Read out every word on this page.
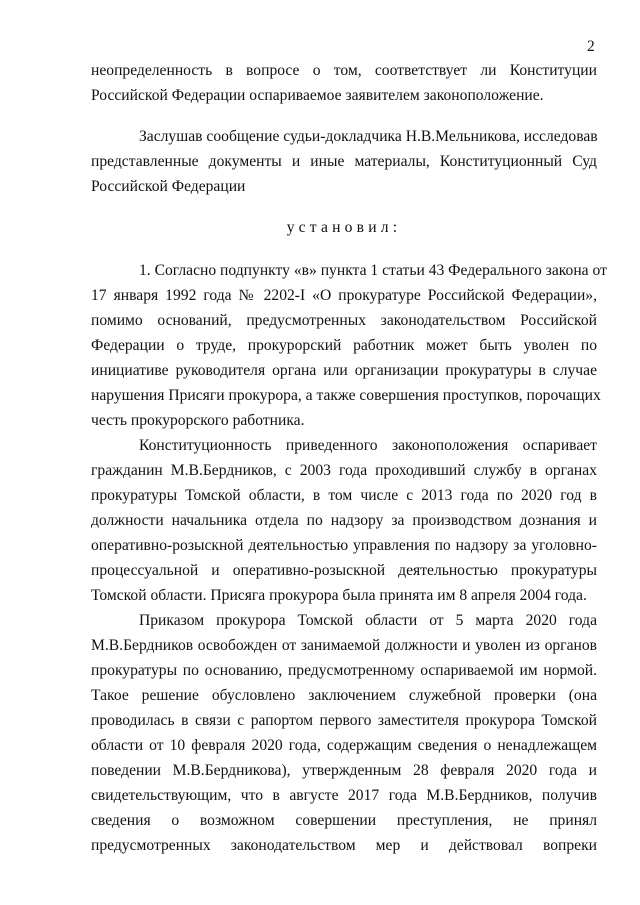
2
неопределенность в вопросе о том, соответствует ли Конституции
Российской Федерации оспариваемое заявителем законоположение.
Заслушав сообщение судьи-докладчика Н.В.Мельникова, исследовав
представленные документы и иные материалы, Конституционный Суд
Российской Федерации
установил:
1. Согласно подпункту «в» пункта 1 статьи 43 Федерального закона от
17 января 1992 года № 2202-I «О прокуратуре Российской Федерации»,
помимо оснований, предусмотренных законодательством Российской
Федерации о труде, прокурорский работник может быть уволен по
инициативе руководителя органа или организации прокуратуры в случае
нарушения Присяги прокурора, а также совершения проступков, порочащих
честь прокурорского работника.
Конституционность приведенного законоположения оспаривает
гражданин М.В.Бердников, с 2003 года проходивший службу в органах
прокуратуры Томской области, в том числе с 2013 года по 2020 год в
должности начальника отдела по надзору за производством дознания и
оперативно-розыскной деятельностью управления по надзору за уголовно-
процессуальной и оперативно-розыскной деятельностью прокуратуры
Томской области. Присяга прокурора была принята им 8 апреля 2004 года.
Приказом прокурора Томской области от 5 марта 2020 года
М.В.Бердников освобожден от занимаемой должности и уволен из органов
прокуратуры по основанию, предусмотренному оспариваемой им нормой.
Такое решение обусловлено заключением служебной проверки (она
проводилась в связи с рапортом первого заместителя прокурора Томской
области от 10 февраля 2020 года, содержащим сведения о ненадлежащем
поведении М.В.Бердникова), утвержденным 28 февраля 2020 года и
свидетельствующим, что в августе 2017 года М.В.Бердников, получив
сведения о возможном совершении преступления, не принял
предусмотренных законодательством мер и действовал вопреки
